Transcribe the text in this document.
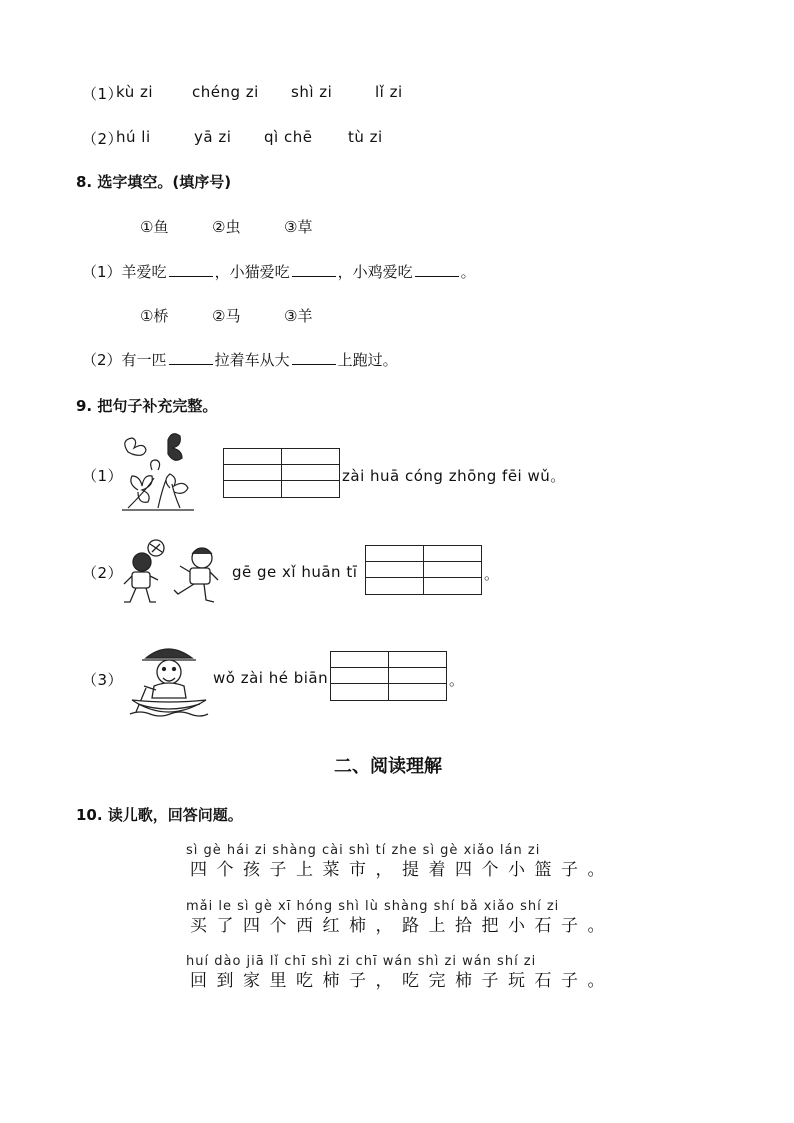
（1）
kù zi	chéng zi shì zi	lǐ zi
（2）
hú li	yā zi qì chē tù zi
8. 选字填空。(填序号)
①鱼	②虫	③草
（1）羊爱吃	，小猫爱吃	，小鸡爱吃	。
①桥	②马	③羊
（2）有一匹	拉着车从大	上跑过。
9. 把句子补充完整。
（1）	zài huā cóng zhōng fēi wǔ。
（2）	gē ge xǐ huān tī	。
（3）	wǒ zài hé biān	。
二、阅读理解
10. 读儿歌，回答问题。
sì gè hái zi shàng cài shì tí zhe sì gè xiǎo lán zi
四个孩子上菜市，提着四个小篮子。
mǎi le sì gè xī hóng shì lù shàng shí bǎ xiǎo shí zi
买了四个西红柿，路上拾把小石子。
huí dào jiā lǐ chī shì zi chī wán shì zi wán shí zi
回到家里吃柿子，吃完柿子玩石子。
